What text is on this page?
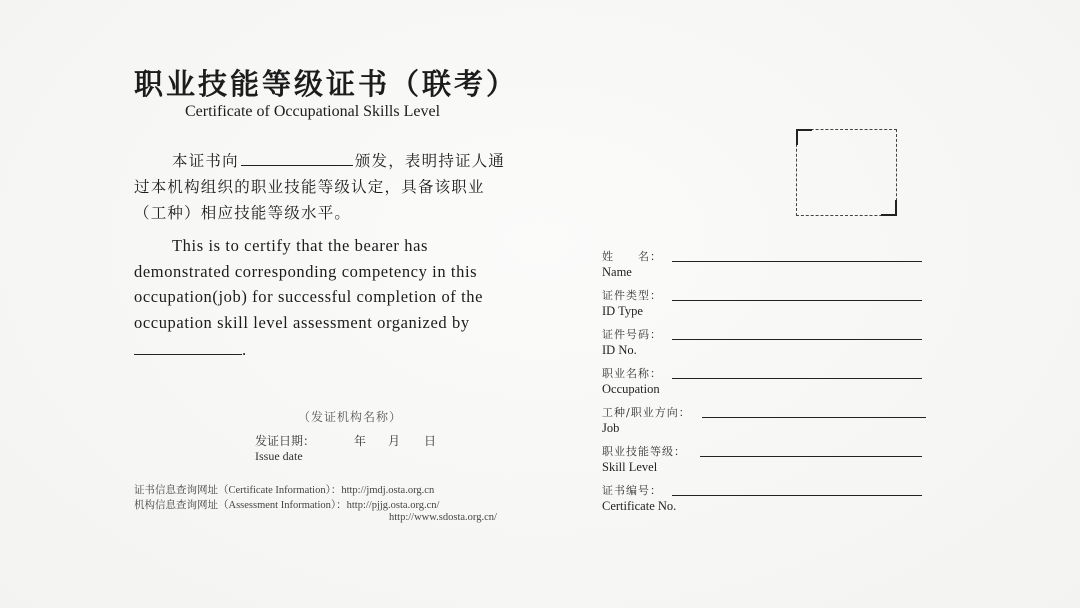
职业技能等级证书（联考）
Certificate of Occupational Skills Level
本证书向	颁发，表明持证人通
过本机构组织的职业技能等级认定，具备该职业
（工种）相应技能等级水平。
This is to certify that the bearer has
demonstrated corresponding competency in this
occupation(job) for successful completion of the
occupation skill level assessment organized by
.
（发证机构名称）
发证日期：
Issue date
年 月 日
证书信息查询网址（Certificate Information）：http://jmdj.osta.org.cn
机构信息查询网址（Assessment Information）：http://pjjg.osta.org.cn/
http://www.sdosta.org.cn/
姓　　名：
Name
证件类型：
ID Type
证件号码：
ID No.
职业名称：
Occupation
工种/职业方向：
Job
职业技能等级：
Skill Level
证书编号：
Certificate No.
